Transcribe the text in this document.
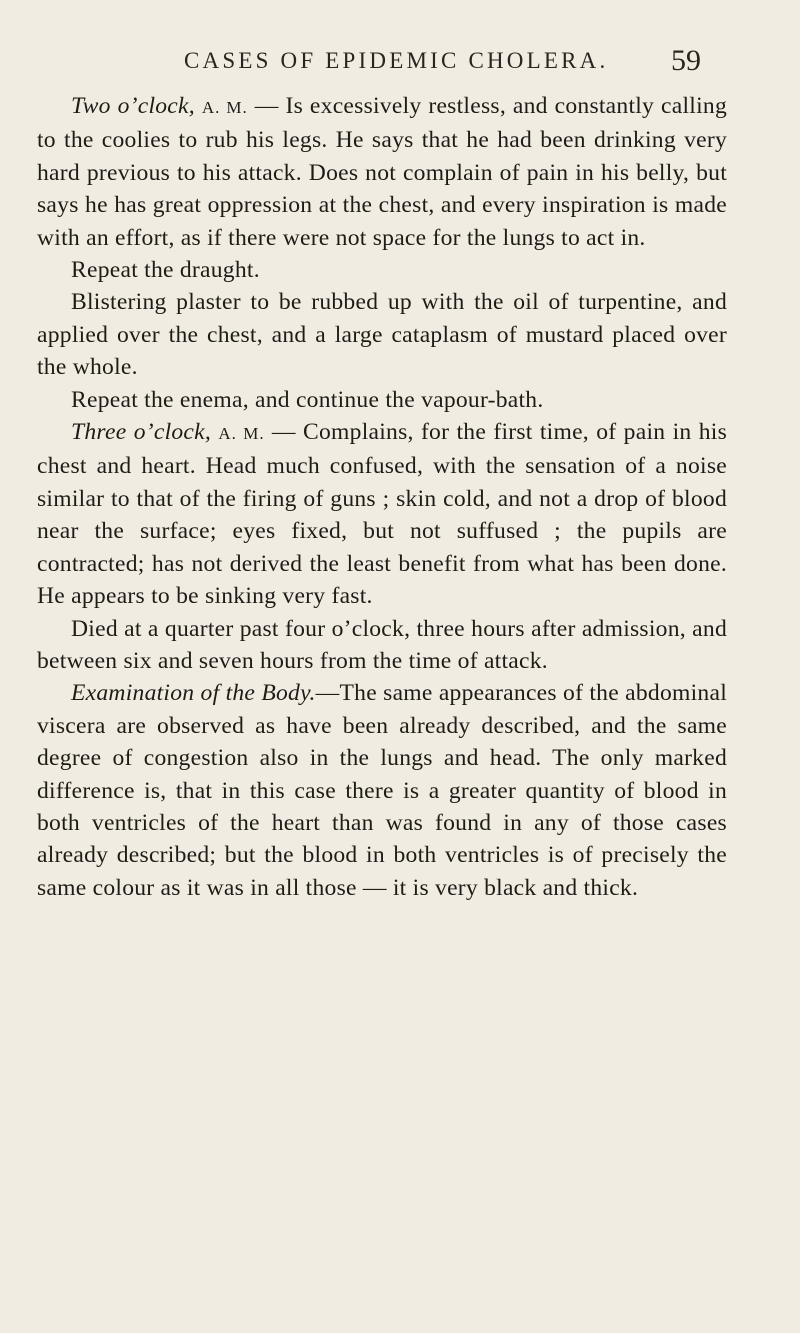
CASES OF EPIDEMIC CHOLERA. 59

Two o’clock, A. M. — Is excessively restless, and constantly calling to the coolies to rub his legs. He says that he had been drinking very hard previous to his attack. Does not complain of pain in his belly, but says he has great oppression at the chest, and every inspiration is made with an effort, as if there were not space for the lungs to act in.

Repeat the draught.

Blistering plaster to be rubbed up with the oil of turpentine, and applied over the chest, and a large cataplasm of mustard placed over the whole.

Repeat the enema, and continue the vapour-bath.

Three o’clock, A. M. — Complains, for the first time, of pain in his chest and heart. Head much confused, with the sensation of a noise similar to that of the firing of guns ; skin cold, and not a drop of blood near the surface; eyes fixed, but not suffused ; the pupils are contracted; has not derived the least benefit from what has been done. He appears to be sinking very fast.

Died at a quarter past four o’clock, three hours after admission, and between six and seven hours from the time of attack.

Examination of the Body.—The same appearances of the abdominal viscera are observed as have been already described, and the same degree of congestion also in the lungs and head. The only marked difference is, that in this case there is a greater quantity of blood in both ventricles of the heart than was found in any of those cases already described; but the blood in both ventricles is of precisely the same colour as it was in all those — it is very black and thick.
